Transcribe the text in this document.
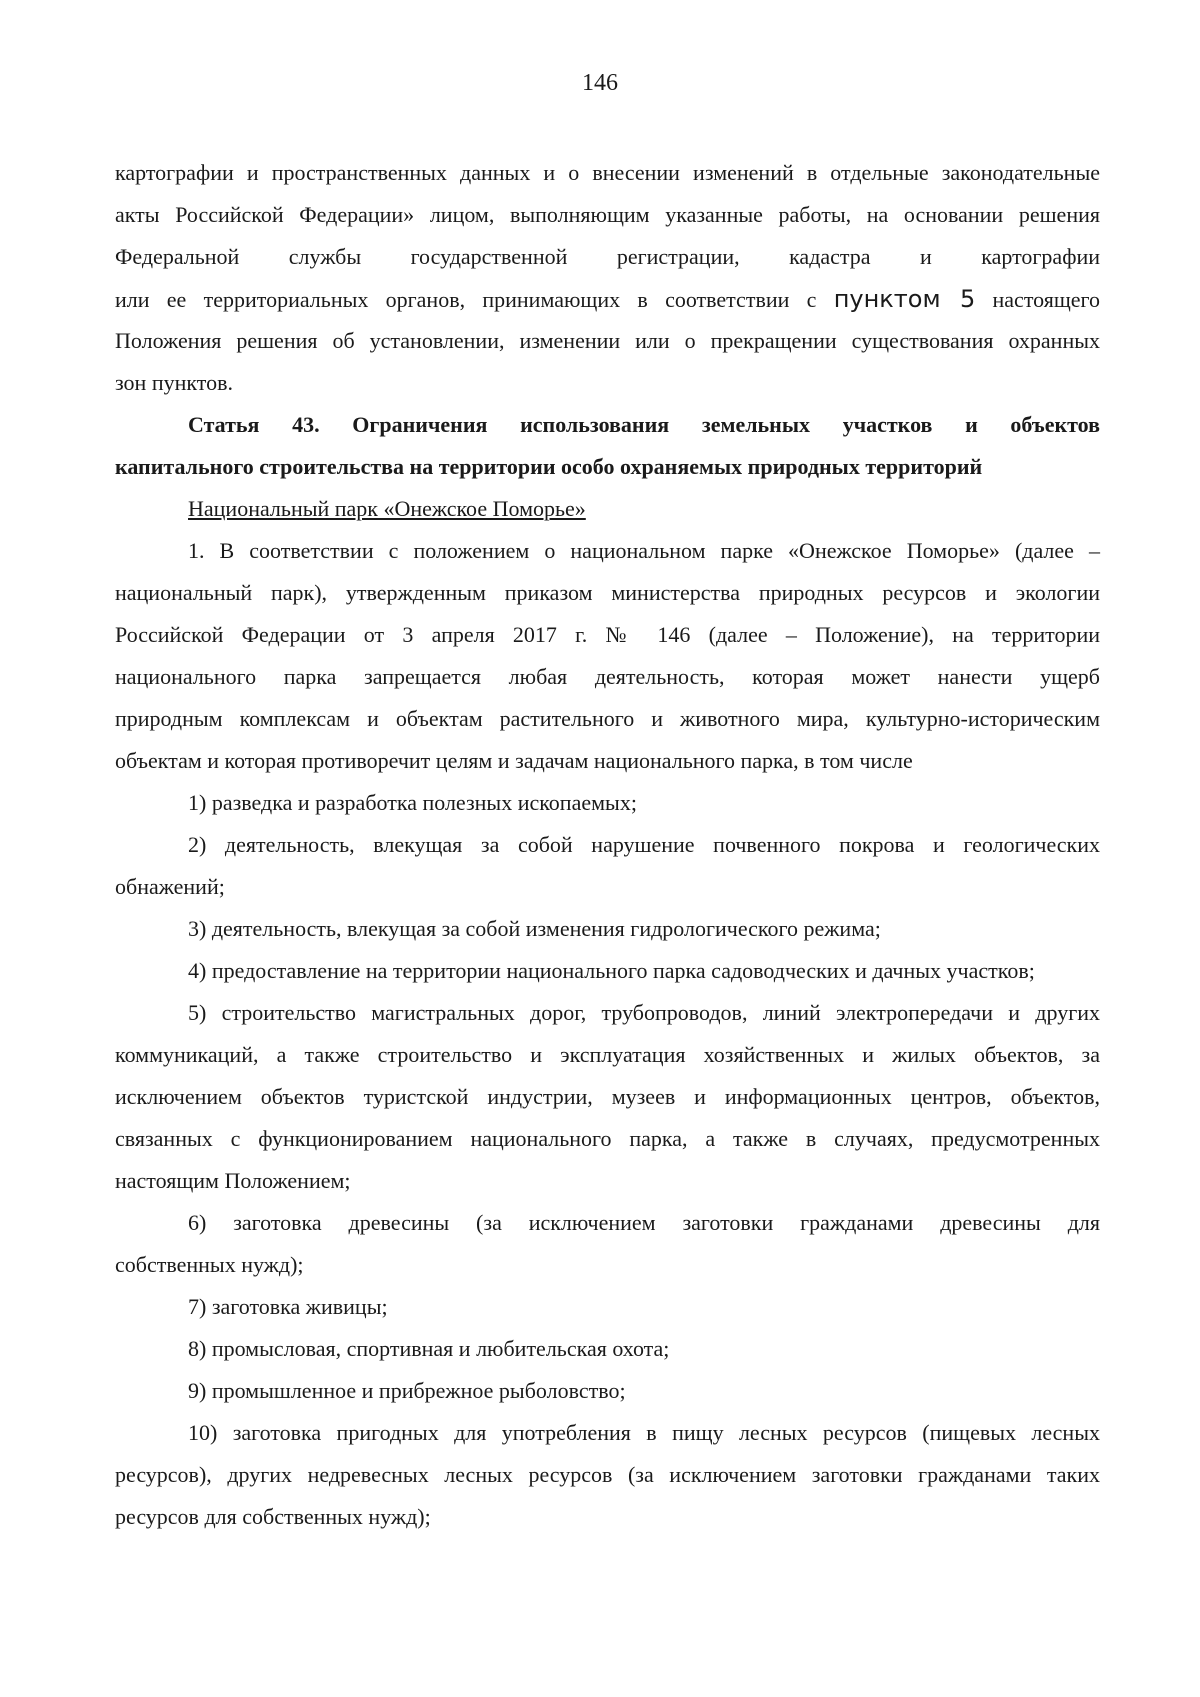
146
картографии и пространственных данных и о внесении изменений в отдельные законодательные
акты Российской Федерации» лицом, выполняющим указанные работы, на основании решения
Федеральной службы государственной регистрации, кадастра и картографии
или ее территориальных органов, принимающих в соответствии с пунктом 5 настоящего
Положения решения об установлении, изменении или о прекращении существования охранных
зон пунктов.
Статья 43. Ограничения использования земельных участков и объектов
капитального строительства на территории особо охраняемых природных территорий
Национальный парк «Онежское Поморье»
1. В соответствии с положением о национальном парке «Онежское Поморье» (далее –
национальный парк), утвержденным приказом министерства природных ресурсов и экологии
Российской Федерации от 3 апреля 2017 г. № 146 (далее – Положение), на территории
национального парка запрещается любая деятельность, которая может нанести ущерб
природным комплексам и объектам растительного и животного мира, культурно-историческим
объектам и которая противоречит целям и задачам национального парка, в том числе
1) разведка и разработка полезных ископаемых;
2) деятельность, влекущая за собой нарушение почвенного покрова и геологических
обнажений;
3) деятельность, влекущая за собой изменения гидрологического режима;
4) предоставление на территории национального парка садоводческих и дачных участков;
5) строительство магистральных дорог, трубопроводов, линий электропередачи и других
коммуникаций, а также строительство и эксплуатация хозяйственных и жилых объектов, за
исключением объектов туристской индустрии, музеев и информационных центров, объектов,
связанных с функционированием национального парка, а также в случаях, предусмотренных
настоящим Положением;
6) заготовка древесины (за исключением заготовки гражданами древесины для
собственных нужд);
7) заготовка живицы;
8) промысловая, спортивная и любительская охота;
9) промышленное и прибрежное рыболовство;
10) заготовка пригодных для употребления в пищу лесных ресурсов (пищевых лесных
ресурсов), других недревесных лесных ресурсов (за исключением заготовки гражданами таких
ресурсов для собственных нужд);
